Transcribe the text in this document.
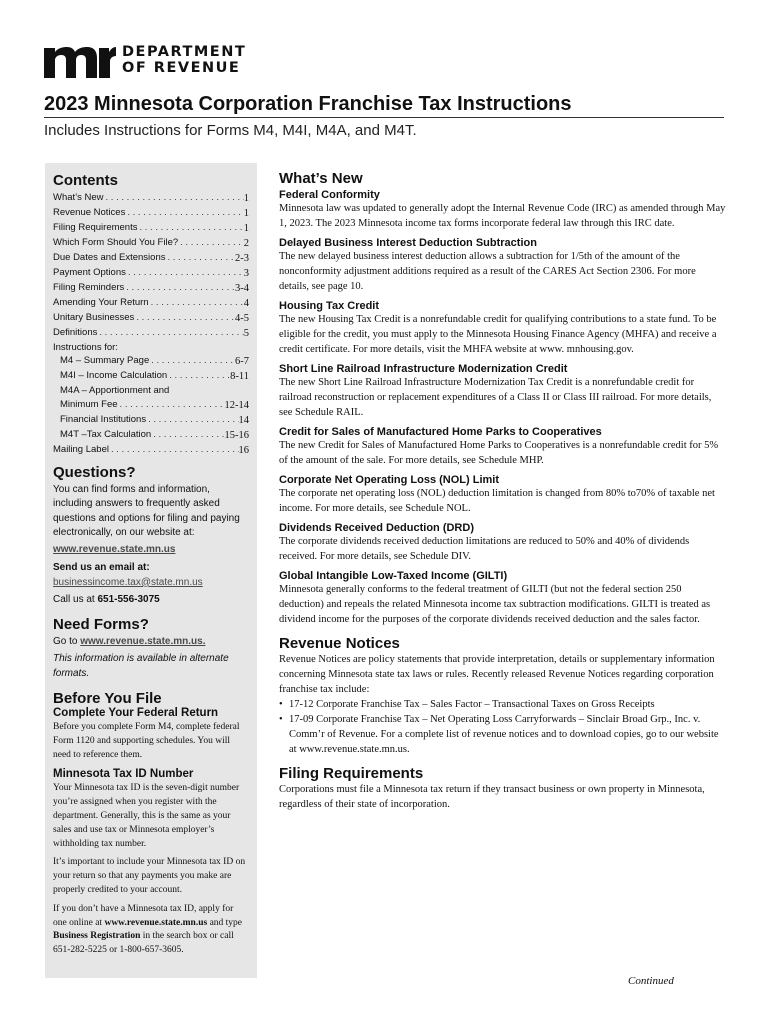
DEPARTMENT
OF REVENUE
2023 Minnesota Corporation Franchise Tax Instructions
Includes Instructions for Forms M4, M4I, M4A, and M4T.
Contents
What’s New . . .	1
Revenue Notices . . .	1
Filing Requirements . . .	1
Which Form Should You File? . . .	2
Due Dates and Extensions . . .	2-3
Payment Options . . .	3
Filing Reminders . . .	3-4
Amending Your Return . . .	4
Unitary Businesses . . .	4-5
Definitions . . .	5
Instructions for:
M4 – Summary Page . . .	6-7
M4I – Income Calculation . . .	8-11
M4A – Apportionment and
Minimum Fee . . .	12-14
Financial Institutions . . .	14
M4T –Tax Calculation . . .	15-16
Mailing Label . . .	16
Questions?
You can find forms and information, including answers to frequently asked questions and options for filing and paying electronically, on our website at:
www.revenue.state.mn.us
Send us an email at:
businessincome.tax@state.mn.us
Call us at 651-556-3075
Need Forms?
Go to www.revenue.state.mn.us.
This information is available in alternate formats.
Before You File
Complete Your Federal Return
Before you complete Form M4, complete federal Form 1120 and supporting schedules. You will need to reference them.
Minnesota Tax ID Number
Your Minnesota tax ID is the seven-digit number you’re assigned when you register with the department. Generally, this is the same as your sales and use tax or Minnesota employer’s withholding tax number.
It’s important to include your Minnesota tax ID on your return so that any payments you make are properly credited to your account.
If you don’t have a Minnesota tax ID, apply for one online at www.revenue.state.mn.us and type Business Registration in the search box or call 651-282-5225 or 1-800-657-3605.
What’s New
Federal Conformity
Minnesota law was updated to generally adopt the Internal Revenue Code (IRC) as amended through May 1, 2023. The 2023 Minnesota income tax forms incorporate federal law through this IRC date.
Delayed Business Interest Deduction Subtraction
The new delayed business interest deduction allows a subtraction for 1/5th of the amount of the nonconformity adjustment additions required as a result of the CARES Act Section 2306. For more details, see page 10.
Housing Tax Credit
The new Housing Tax Credit is a nonrefundable credit for qualifying contributions to a state fund. To be eligible for the credit, you must apply to the Minnesota Housing Finance Agency (MHFA) and receive a credit certificate. For more details, visit the MHFA website at www. mnhousing.gov.
Short Line Railroad Infrastructure Modernization Credit
The new Short Line Railroad Infrastructure Modernization Tax Credit is a nonrefundable credit for railroad reconstruction or replacement expenditures of a Class II or Class III railroad. For more details, see Schedule RAIL.
Credit for Sales of Manufactured Home Parks to Cooperatives
The new Credit for Sales of Manufactured Home Parks to Cooperatives is a nonrefundable credit for 5% of the amount of the sale. For more details, see Schedule MHP.
Corporate Net Operating Loss (NOL) Limit
The corporate net operating loss (NOL) deduction limitation is changed from 80% to70% of taxable net income. For more details, see Schedule NOL.
Dividends Received Deduction (DRD)
The corporate dividends received deduction limitations are reduced to 50% and 40% of dividends received. For more details, see Schedule DIV.
Global Intangible Low-Taxed Income (GILTI)
Minnesota generally conforms to the federal treatment of GILTI (but not the federal section 250 deduction) and repeals the related Minnesota income tax subtraction modifications. GILTI is treated as dividend income for the purposes of the corporate dividends received deduction and the sales factor.
Revenue Notices
Revenue Notices are policy statements that provide interpretation, details or supplementary information concerning Minnesota state tax laws or rules. Recently released Revenue Notices regarding corporation franchise tax include:
• 17-12 Corporate Franchise Tax – Sales Factor – Transactional Taxes on Gross Receipts
• 17-09 Corporate Franchise Tax – Net Operating Loss Carryforwards – Sinclair Broad Grp., Inc. v. Comm’r of Revenue. For a complete list of revenue notices and to download copies, go to our website at www.revenue.state.mn.us.
Filing Requirements
Corporations must file a Minnesota tax return if they transact business or own property in Minnesota, regardless of their state of incorporation.
Continued
